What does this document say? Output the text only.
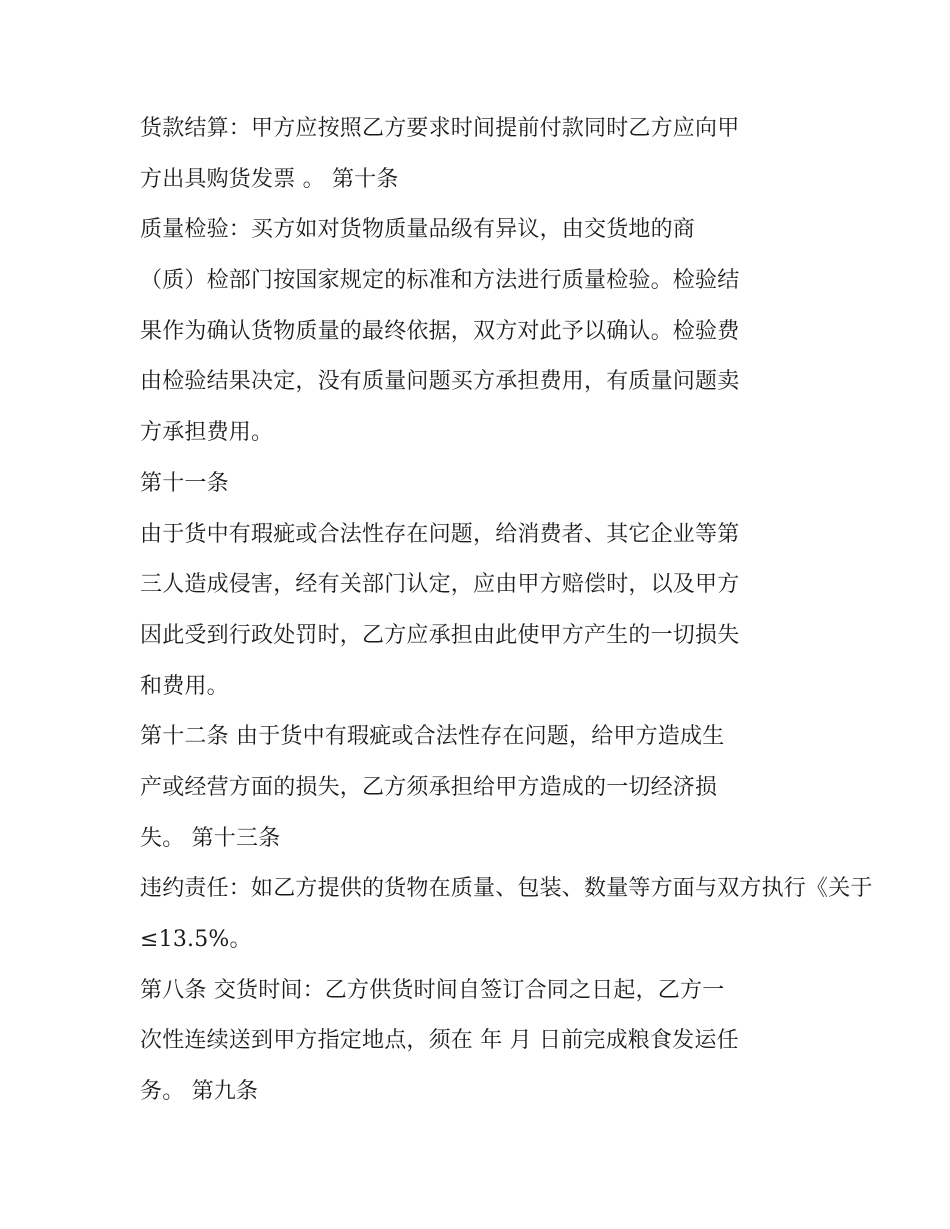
货款结算：甲方应按照乙方要求时间提前付款同时乙方应向甲
方出具购货发票 。 第十条
质量检验：买方如对货物质量品级有异议，由交货地的商
（质）检部门按国家规定的标准和方法进行质量检验。检验结
果作为确认货物质量的最终依据，双方对此予以确认。检验费
由检验结果决定，没有质量问题买方承担费用，有质量问题卖
方承担费用。
第十一条
由于货中有瑕疵或合法性存在问题，给消费者、其它企业等第
三人造成侵害，经有关部门认定，应由甲方赔偿时，以及甲方
因此受到行政处罚时，乙方应承担由此使甲方产生的一切损失
和费用。
第十二条 由于货中有瑕疵或合法性存在问题，给甲方造成生
产或经营方面的损失，乙方须承担给甲方造成的一切经济损
失。 第十三条
违约责任：如乙方提供的货物在质量、包装、数量等方面与双方执行《关于
≤13.5%。
第八条 交货时间：乙方供货时间自签订合同之日起，乙方一
次性连续送到甲方指定地点，须在 年 月 日前完成粮食发运任
务。 第九条
